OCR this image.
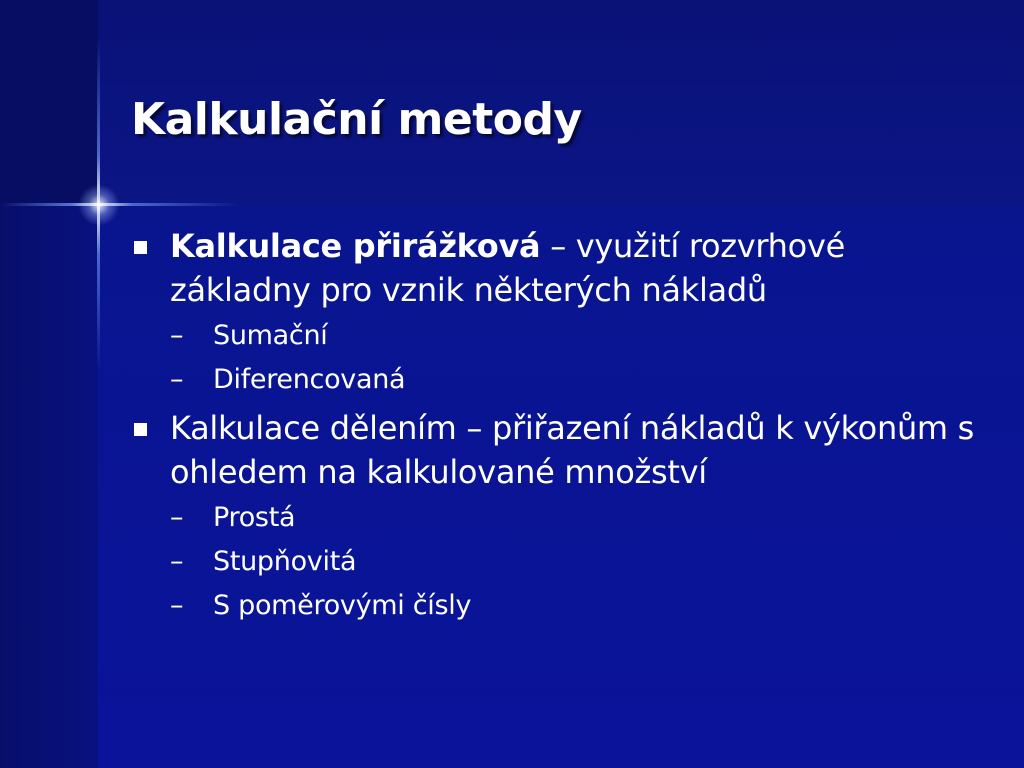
Kalkulační metody
Kalkulace přirážková – využití rozvrhové základny pro vznik některých nákladů
– Sumační
– Diferencovaná
Kalkulace dělením – přiřazení nákladů k výkonům s ohledem na kalkulované množství
– Prostá
– Stupňovitá
– S poměrovými čísly
